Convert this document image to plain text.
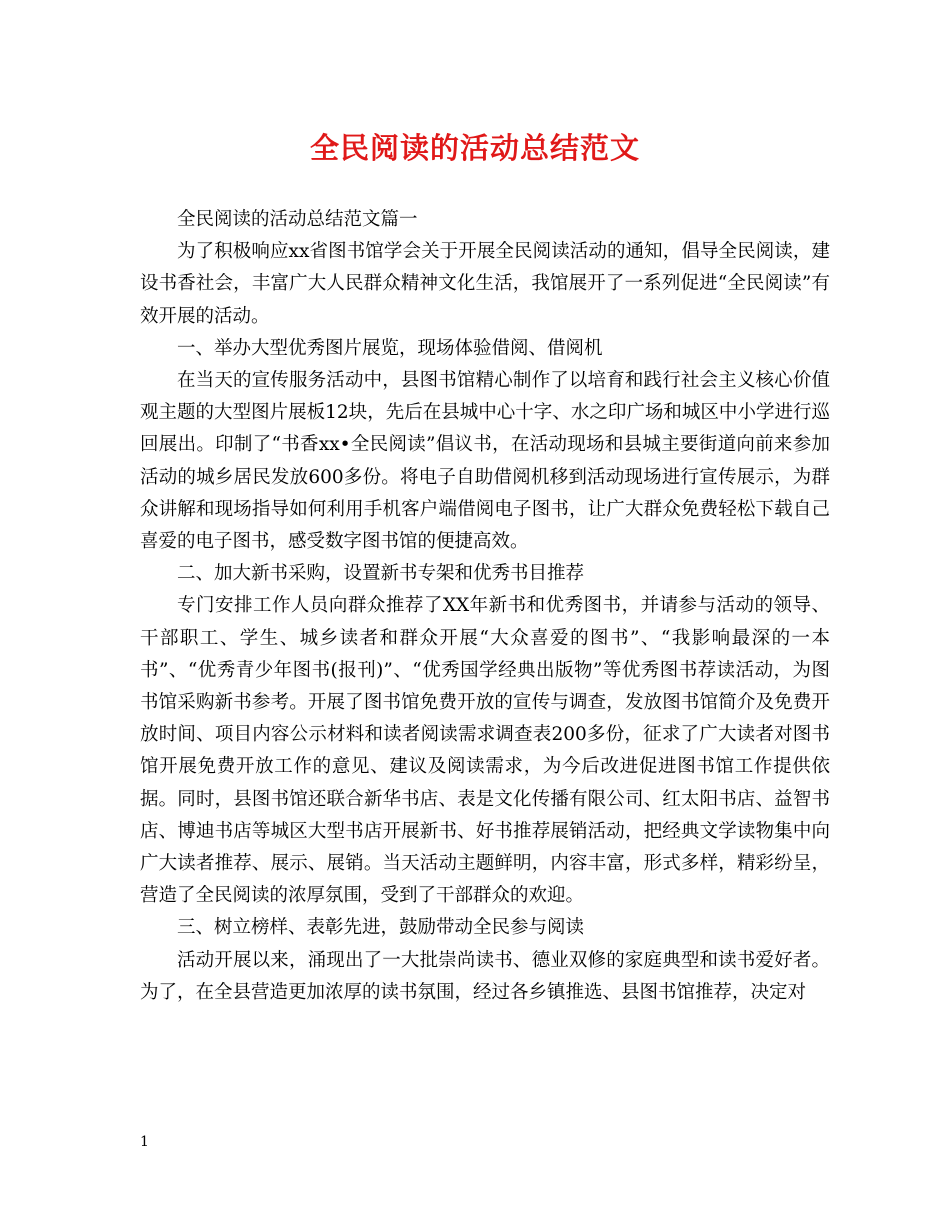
全民阅读的活动总结范文

全民阅读的活动总结范文篇一

为了积极响应xx省图书馆学会关于开展全民阅读活动的通知，倡导全民阅读，建设书香社会，丰富广大人民群众精神文化生活，我馆展开了一系列促进“全民阅读”有效开展的活动。

一、举办大型优秀图片展览，现场体验借阅、借阅机

在当天的宣传服务活动中，县图书馆精心制作了以培育和践行社会主义核心价值观主题的大型图片展板12块，先后在县城中心十字、水之印广场和城区中小学进行巡回展出。印制了“书香xx•全民阅读”倡议书，在活动现场和县城主要街道向前来参加活动的城乡居民发放600多份。将电子自助借阅机移到活动现场进行宣传展示，为群众讲解和现场指导如何利用手机客户端借阅电子图书，让广大群众免费轻松下载自己喜爱的电子图书，感受数字图书馆的便捷高效。

二、加大新书采购，设置新书专架和优秀书目推荐

专门安排工作人员向群众推荐了XX年新书和优秀图书，并请参与活动的领导、干部职工、学生、城乡读者和群众开展“大众喜爱的图书”、“我影响最深的一本书”、“优秀青少年图书(报刊)”、“优秀国学经典出版物”等优秀图书荐读活动，为图书馆采购新书参考。开展了图书馆免费开放的宣传与调查，发放图书馆简介及免费开放时间、项目内容公示材料和读者阅读需求调查表200多份，征求了广大读者对图书馆开展免费开放工作的意见、建议及阅读需求，为今后改进促进图书馆工作提供依据。同时，县图书馆还联合新华书店、表是文化传播有限公司、红太阳书店、益智书店、博迪书店等城区大型书店开展新书、好书推荐展销活动，把经典文学读物集中向广大读者推荐、展示、展销。当天活动主题鲜明，内容丰富，形式多样，精彩纷呈，营造了全民阅读的浓厚氛围，受到了干部群众的欢迎。

三、树立榜样、表彰先进，鼓励带动全民参与阅读

活动开展以来，涌现出了一大批崇尚读书、德业双修的家庭典型和读书爱好者。为了，在全县营造更加浓厚的读书氛围，经过各乡镇推选、县图书馆推荐，决定对

1
